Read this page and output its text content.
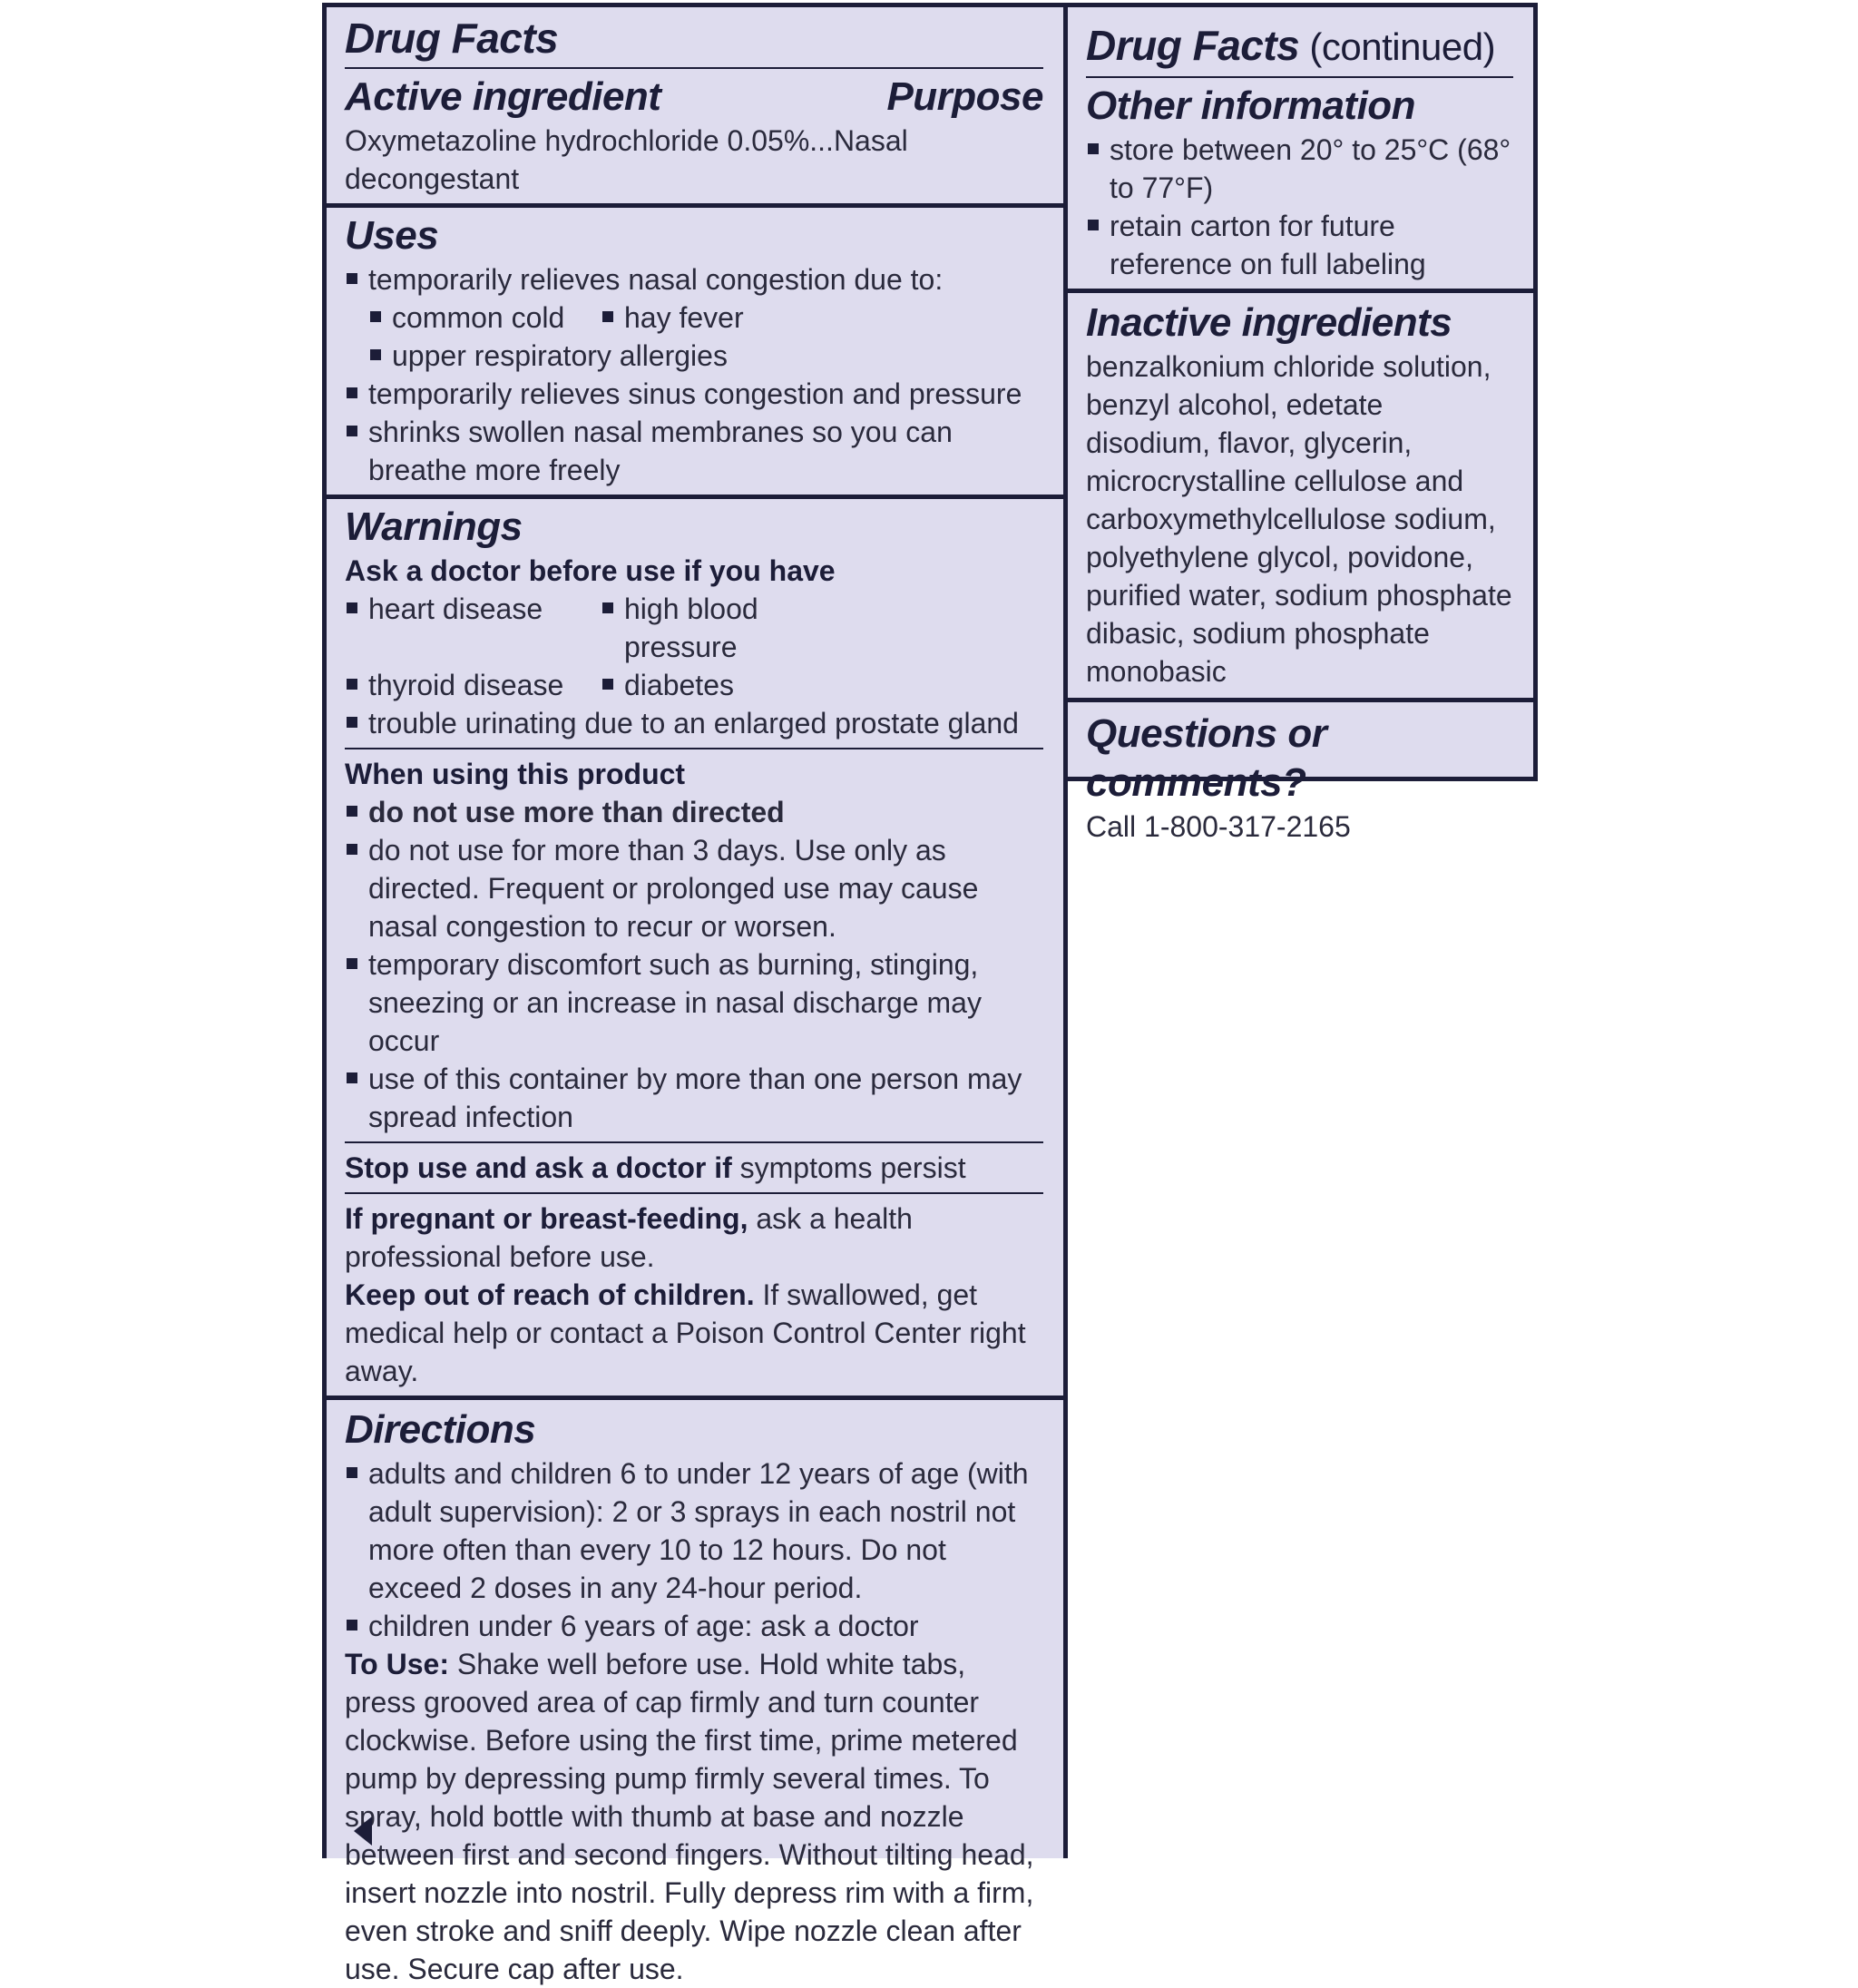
Drug Facts
Active ingredient	Purpose
Oxymetazoline hydrochloride 0.05%...Nasal decongestant
Uses
temporarily relieves nasal congestion due to:
common cold	hay fever
upper respiratory allergies
temporarily relieves sinus congestion and pressure
shrinks swollen nasal membranes so you can breathe more freely
Warnings
Ask a doctor before use if you have
heart disease	high blood pressure
thyroid disease	diabetes
trouble urinating due to an enlarged prostate gland
When using this product
do not use more than directed
do not use for more than 3 days. Use only as directed. Frequent or prolonged use may cause nasal congestion to recur or worsen.
temporary discomfort such as burning, stinging, sneezing or an increase in nasal discharge may occur
use of this container by more than one person may spread infection
Stop use and ask a doctor if symptoms persist
If pregnant or breast-feeding, ask a health professional before use.
Keep out of reach of children. If swallowed, get medical help or contact a Poison Control Center right away.
Directions
adults and children 6 to under 12 years of age (with adult supervision): 2 or 3 sprays in each nostril not more often than every 10 to 12 hours. Do not exceed 2 doses in any 24-hour period.
children under 6 years of age: ask a doctor
To Use: Shake well before use. Hold white tabs, press grooved area of cap firmly and turn counter clockwise. Before using the first time, prime metered pump by depressing pump firmly several times. To spray, hold bottle with thumb at base and nozzle between first and second fingers. Without tilting head, insert nozzle into nostril. Fully depress rim with a firm, even stroke and sniff deeply. Wipe nozzle clean after use. Secure cap after use.
Drug Facts (continued)
Other information
store between 20° to 25°C (68° to 77°F)
retain carton for future reference on full labeling
Inactive ingredients
benzalkonium chloride solution, benzyl alcohol, edetate disodium, flavor, glycerin, microcrystalline cellulose and carboxymethylcellulose sodium, polyethylene glycol, povidone, purified water, sodium phosphate dibasic, sodium phosphate monobasic
Questions or comments?
Call 1-800-317-2165
